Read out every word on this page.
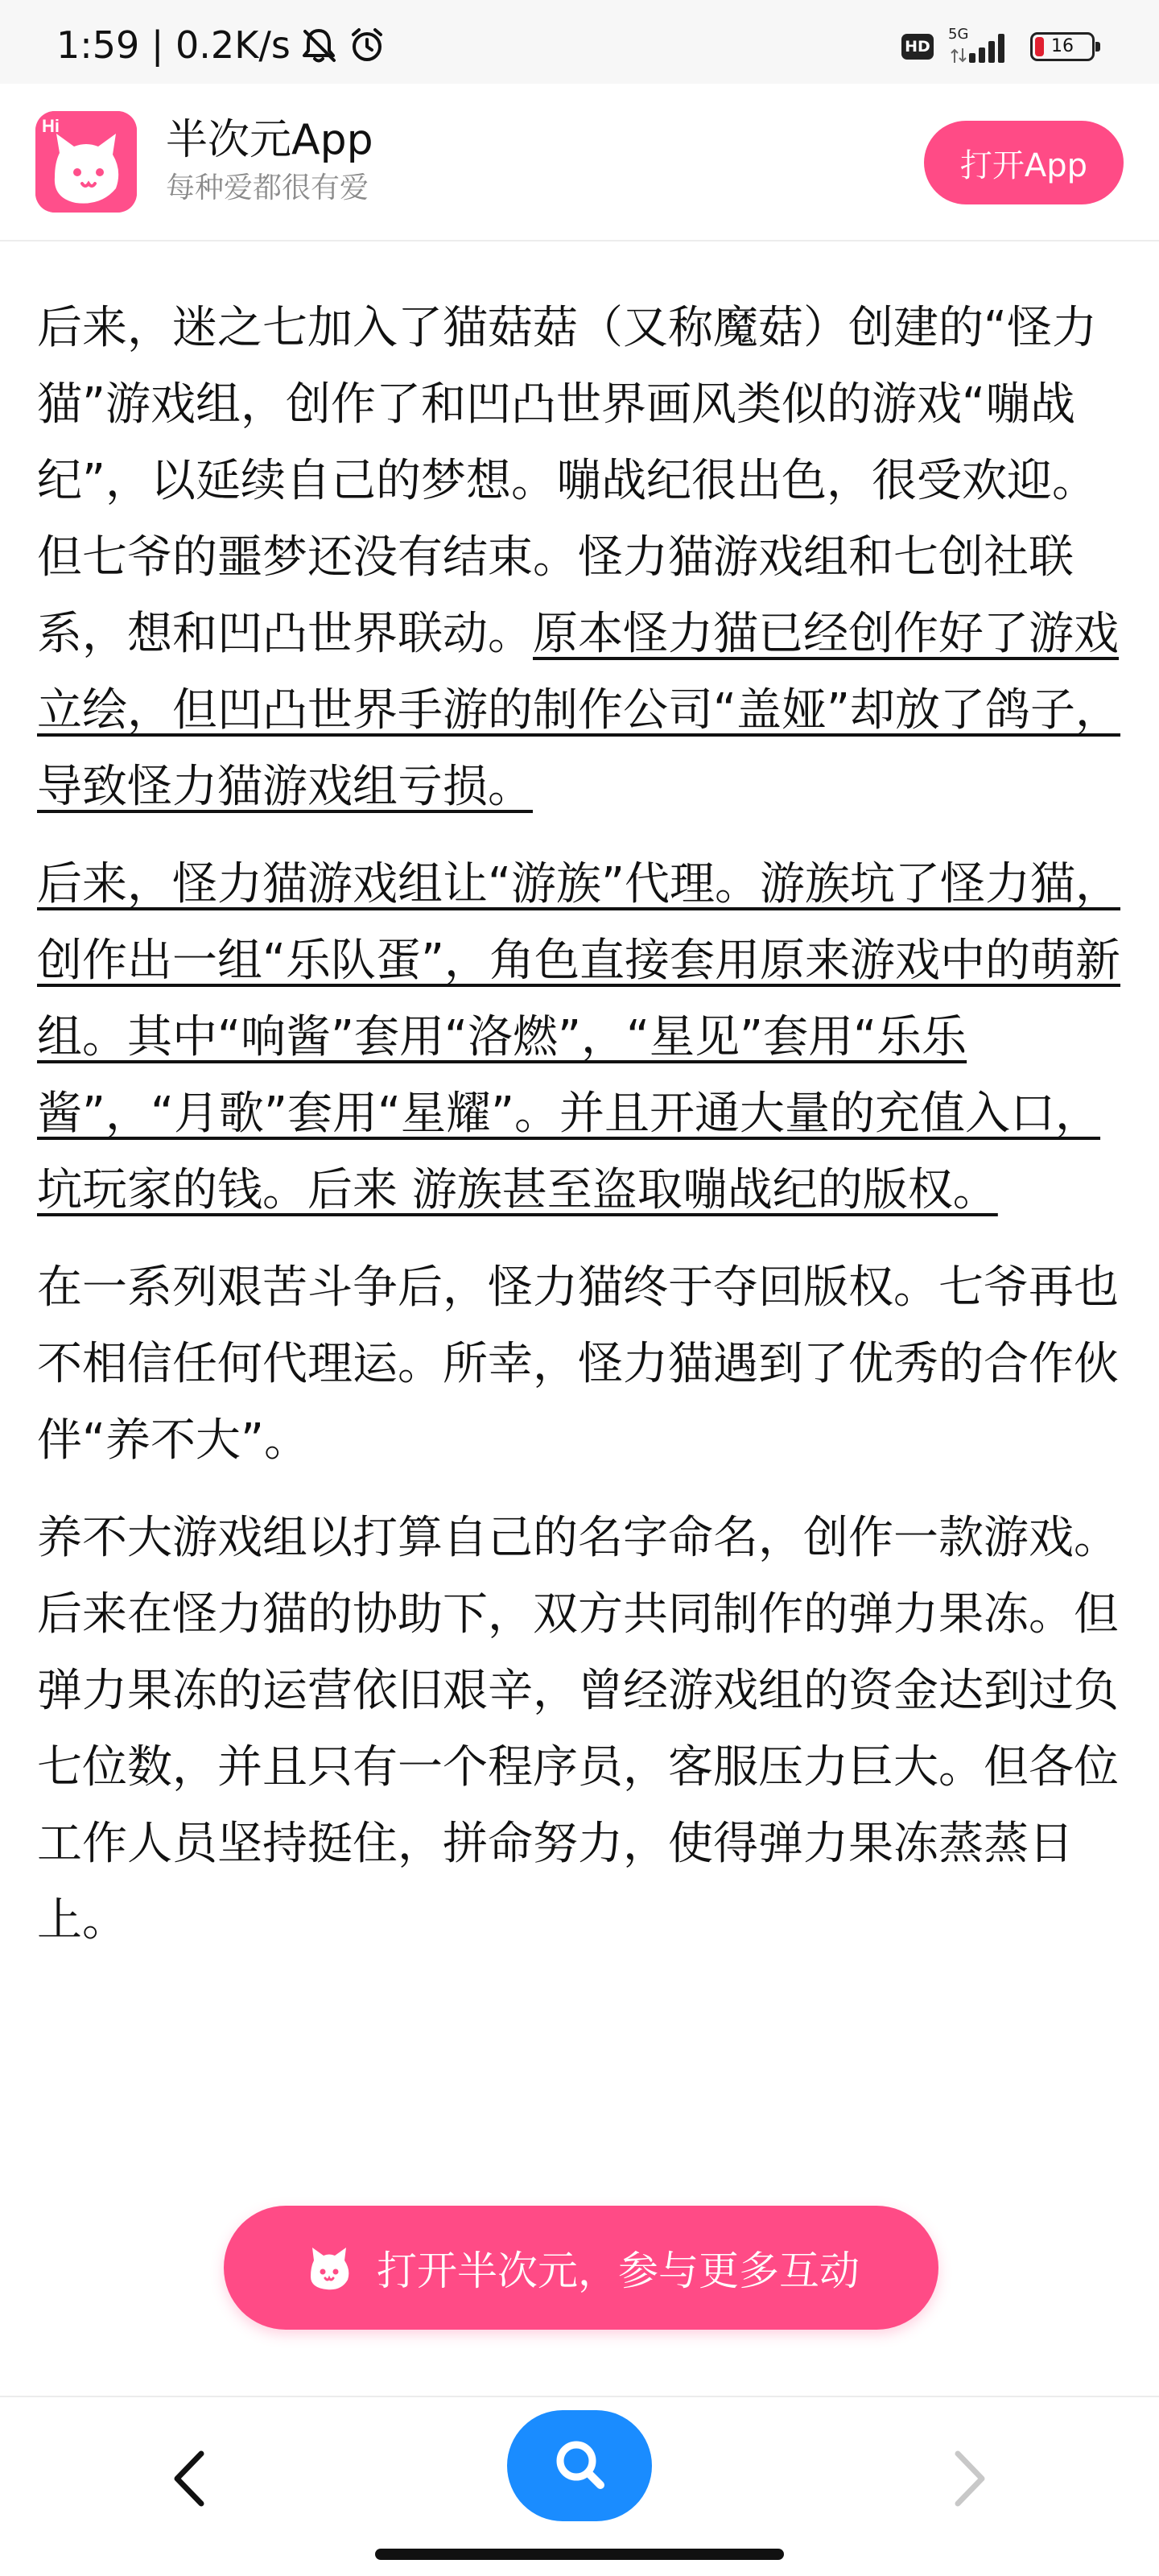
1:59 | 0.2K/s	HD
5G
16
Hi	半次元App
每种爱都很有爱
打开App

后来，迷之七加入了猫菇菇（又称魔菇）创建的“怪力猫”游戏组，创作了和凹凸世界画风类似的游戏“嘣战纪”，以延续自己的梦想。嘣战纪很出色，很受欢迎。但七爷的噩梦还没有结束。怪力猫游戏组和七创社联系，想和凹凸世界联动。原本怪力猫已经创作好了游戏立绘，但凹凸世界手游的制作公司“盖娅”却放了鸽子，导致怪力猫游戏组亏损。

后来，怪力猫游戏组让“游族”代理。游族坑了怪力猫，创作出一组“乐队蛋”，角色直接套用原来游戏中的萌新组。其中“响酱”套用“洛燃”，“星见”套用“乐乐酱”，“月歌”套用“星耀”。并且开通大量的充值入口，坑玩家的钱。后来 游族甚至盗取嘣战纪的版权。

在一系列艰苦斗争后，怪力猫终于夺回版权。七爷再也不相信任何代理运。所幸，怪力猫遇到了优秀的合作伙伴“养不大”。

养不大游戏组以打算自己的名字命名，创作一款游戏。后来在怪力猫的协助下，双方共同制作的弹力果冻。但弹力果冻的运营依旧艰辛，曾经游戏组的资金达到过负七位数，并且只有一个程序员，客服压力巨大。但各位工作人员坚持挺住，拼命努力，使得弹力果冻蒸蒸日上。

打开半次元，参与更多互动
